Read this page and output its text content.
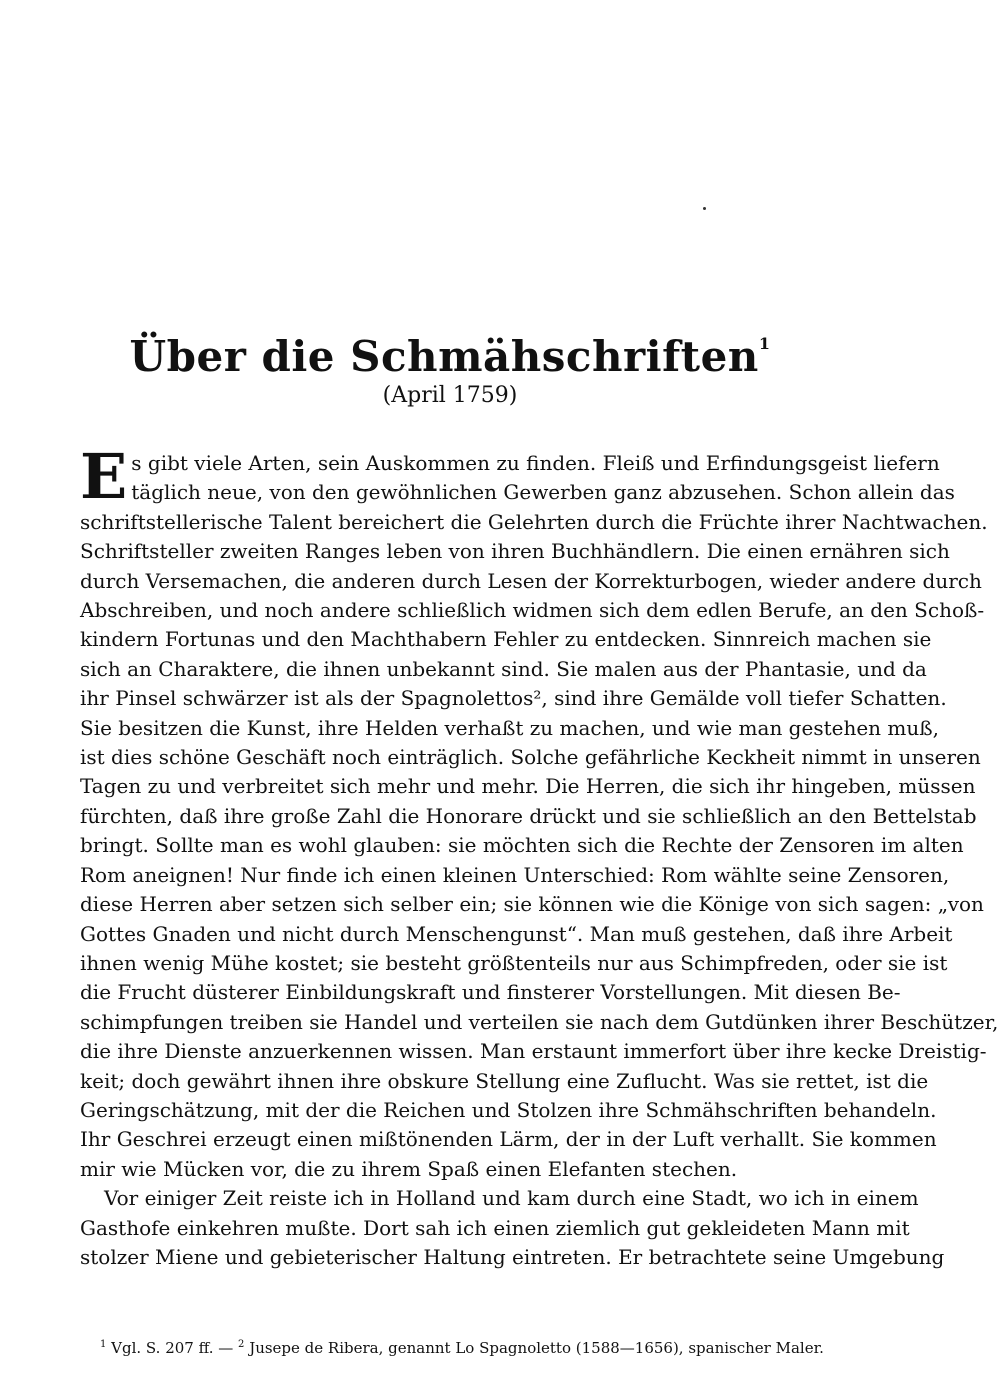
Über die Schmähschriften$^1$
(April 1759)
E s gibt viele Arten, sein Auskommen zu finden. Fleiß und Erfindungsgeist liefern
täglich neue, von den gewöhnlichen Gewerben ganz abzusehen. Schon allein das
schriftstellerische Talent bereichert die Gelehrten durch die Früchte ihrer Nachtwachen.
Schriftsteller zweiten Ranges leben von ihren Buchhändlern. Die einen ernähren sich
durch Versemachen, die anderen durch Lesen der Korrekturbogen, wieder andere durch
Abschreiben, und noch andere schließlich widmen sich dem edlen Berufe, an den Schoß-
kindern Fortunas und den Machthabern Fehler zu entdecken. Sinnreich machen sie
sich an Charaktere, die ihnen unbekannt sind. Sie malen aus der Phantasie, und da
ihr Pinsel schwärzer ist als der Spagnolettos², sind ihre Gemälde voll tiefer Schatten.
Sie besitzen die Kunst, ihre Helden verhaßt zu machen, und wie man gestehen muß,
ist dies schöne Geschäft noch einträglich. Solche gefährliche Keckheit nimmt in unseren
Tagen zu und verbreitet sich mehr und mehr. Die Herren, die sich ihr hingeben, müssen
fürchten, daß ihre große Zahl die Honorare drückt und sie schließlich an den Bettelstab
bringt. Sollte man es wohl glauben: sie möchten sich die Rechte der Zensoren im alten
Rom aneignen! Nur finde ich einen kleinen Unterschied: Rom wählte seine Zensoren,
diese Herren aber setzen sich selber ein; sie können wie die Könige von sich sagen: „von
Gottes Gnaden und nicht durch Menschengunst“. Man muß gestehen, daß ihre Arbeit
ihnen wenig Mühe kostet; sie besteht größtenteils nur aus Schimpfreden, oder sie ist
die Frucht düsterer Einbildungskraft und finsterer Vorstellungen. Mit diesen Be-
schimpfungen treiben sie Handel und verteilen sie nach dem Gutdünken ihrer Beschützer,
die ihre Dienste anzuerkennen wissen. Man erstaunt immerfort über ihre kecke Dreistig-
keit; doch gewährt ihnen ihre obskure Stellung eine Zuflucht. Was sie rettet, ist die
Geringschätzung, mit der die Reichen und Stolzen ihre Schmähschriften behandeln.
Ihr Geschrei erzeugt einen mißtönenden Lärm, der in der Luft verhallt. Sie kommen
mir wie Mücken vor, die zu ihrem Spaß einen Elefanten stechen.
Vor einiger Zeit reiste ich in Holland und kam durch eine Stadt, wo ich in einem
Gasthofe einkehren mußte. Dort sah ich einen ziemlich gut gekleideten Mann mit
stolzer Miene und gebieterischer Haltung eintreten. Er betrachtete seine Umgebung
$^1$ Vgl. S. 207 ff. — $^2$ Jusepe de Ribera, genannt Lo Spagnoletto (1588—1656), spanischer Maler.
